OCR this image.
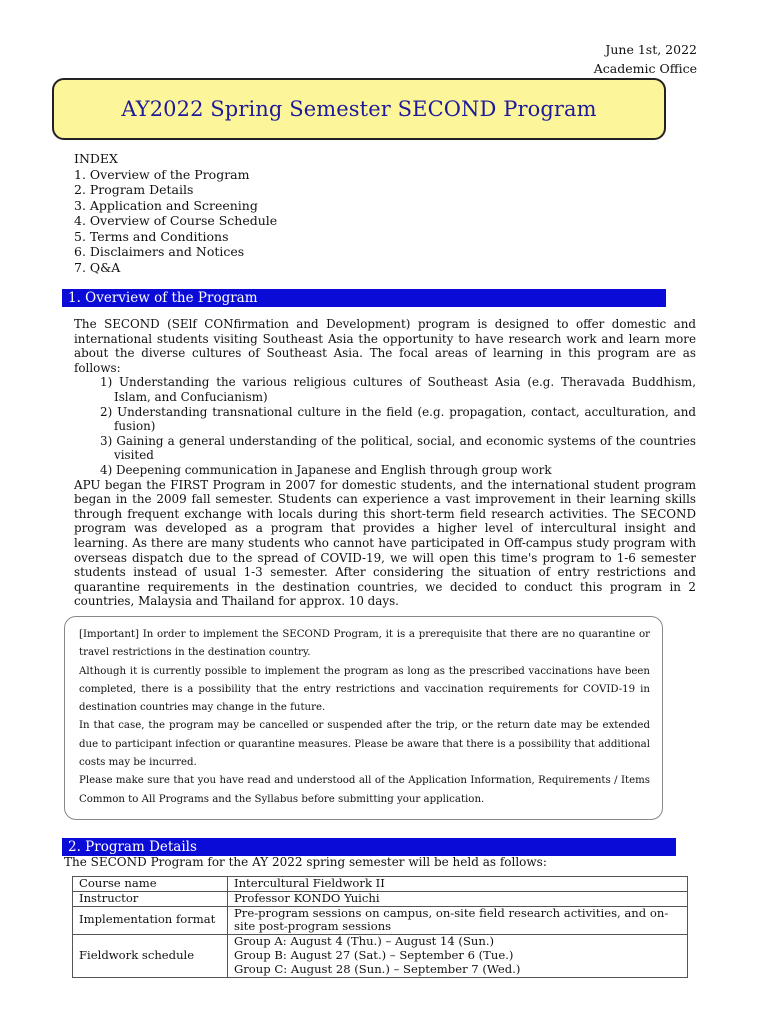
June 1st, 2022
Academic Office
AY2022 Spring Semester SECOND Program
INDEX
1. Overview of the Program
2. Program Details
3. Application and Screening
4. Overview of Course Schedule
5. Terms and Conditions
6. Disclaimers and Notices
7. Q&A
1. Overview of the Program

The SECOND (SElf CONfirmation and Development) program is designed to offer domestic and international students visiting Southeast Asia the opportunity to have research work and learn more about the diverse cultures of Southeast Asia. The focal areas of learning in this program are as follows:

1) Understanding the various religious cultures of Southeast Asia (e.g. Theravada Buddhism, Islam, and Confucianism)

2) Understanding transnational culture in the field (e.g. propagation, contact, acculturation, and fusion)

3) Gaining a general understanding of the political, social, and economic systems of the countries visited

4) Deepening communication in Japanese and English through group work

APU began the FIRST Program in 2007 for domestic students, and the international student program began in the 2009 fall semester. Students can experience a vast improvement in their learning skills through frequent exchange with locals during this short-term field research activities. The SECOND program was developed as a program that provides a higher level of intercultural insight and learning. As there are many students who cannot have participated in Off-campus study program with overseas dispatch due to the spread of COVID-19, we will open this time's program to 1-6 semester students instead of usual 1-3 semester. After considering the situation of entry restrictions and quarantine requirements in the destination countries, we decided to conduct this program in 2 countries, Malaysia and Thailand for approx. 10 days.

[Important] In order to implement the SECOND Program, it is a prerequisite that there are no quarantine or travel restrictions in the destination country.

Although it is currently possible to implement the program as long as the prescribed vaccinations have been completed, there is a possibility that the entry restrictions and vaccination requirements for COVID-19 in destination countries may change in the future.

In that case, the program may be cancelled or suspended after the trip, or the return date may be extended due to participant infection or quarantine measures. Please be aware that there is a possibility that additional costs may be incurred.

Please make sure that you have read and understood all of the Application Information, Requirements / Items Common to All Programs and the Syllabus before submitting your application.

2. Program Details
The SECOND Program for the AY 2022 spring semester will be held as follows:
Course name	Intercultural Fieldwork II
Instructor	Professor KONDO Yuichi
Implementation format	Pre-program sessions on campus, on-site field research activities, and on-site post-program sessions
Fieldwork schedule	Group A: August 4 (Thu.) – August 14 (Sun.)
Group B: August 27 (Sat.) – September 6 (Tue.)
Group C: August 28 (Sun.) – September 7 (Wed.)
